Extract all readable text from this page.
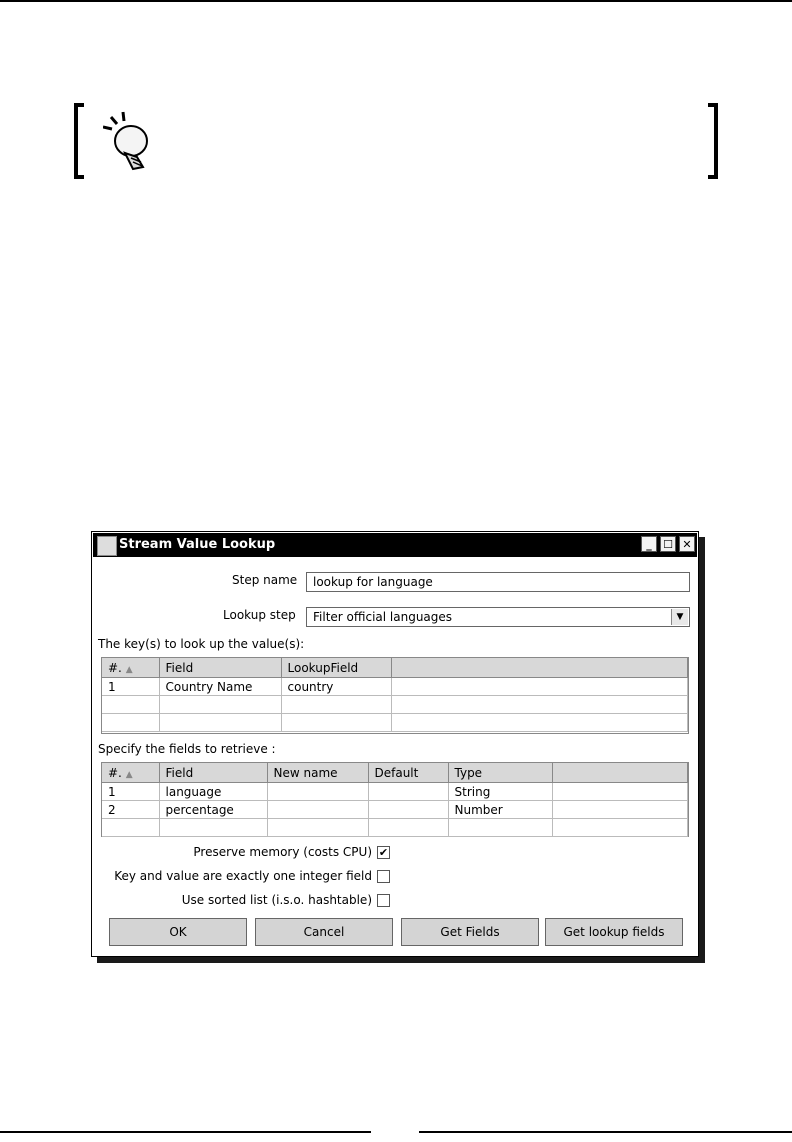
Stream Value Lookup	_	☐ ✕
Step name	lookup for language
Lookup step	Filter official languages	▼
The key(s) to look up the value(s):
#. ▲	Field	LookupField	
1	Country Name	country	

Specify the fields to retrieve :
#. ▲	Field	New name	Default	Type	
1	language			String	
2	percentage			Number	

Preserve memory (costs CPU) ✔
Key and value are exactly one integer field
Use sorted list (i.s.o. hashtable)
OK	Cancel	Get Fields	Get lookup fields
